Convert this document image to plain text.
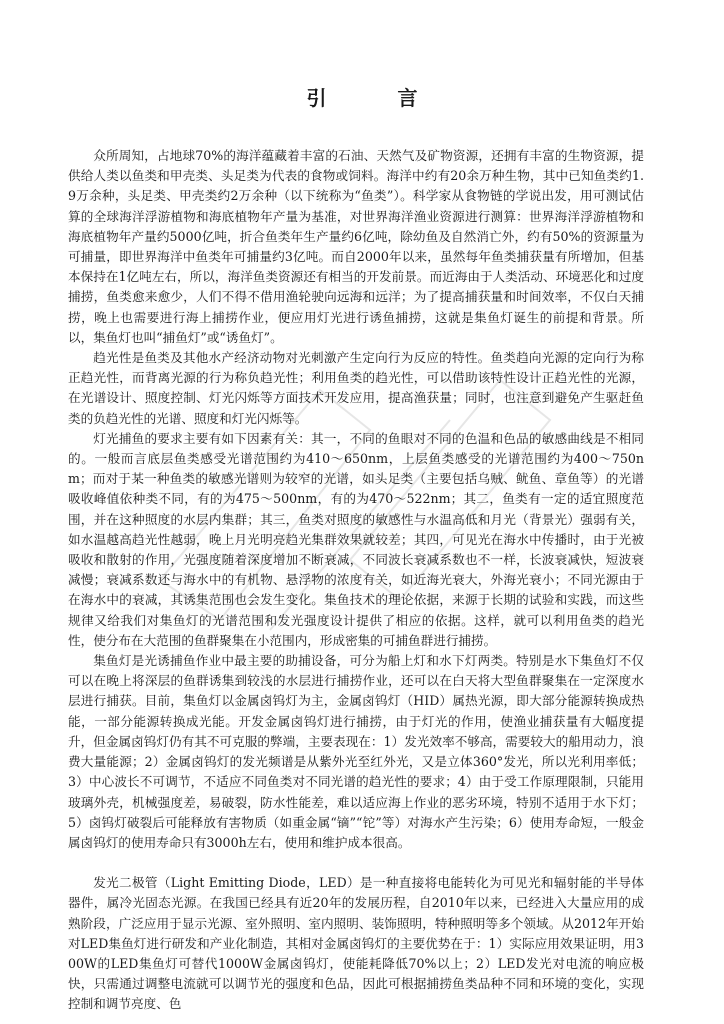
引 言

众所周知，占地球70%的海洋蕴藏着丰富的石油、天然气及矿物资源，还拥有丰富的生物资源，提供给人类以鱼类和甲壳类、头足类为代表的食物或饲料。海洋中约有20余万种生物，其中已知鱼类约1.9万余种，头足类、甲壳类约2万余种（以下统称为“鱼类”）。科学家从食物链的学说出发，用可测试估算的全球海洋浮游植物和海底植物年产量为基准，对世界海洋渔业资源进行测算：世界海洋浮游植物和海底植物年产量约5000亿吨，折合鱼类年生产量约6亿吨，除幼鱼及自然消亡外，约有50%的资源量为可捕量，即世界海洋中鱼类年可捕量约3亿吨。而自2000年以来，虽然每年鱼类捕获量有所增加，但基本保持在1亿吨左右，所以，海洋鱼类资源还有相当的开发前景。而近海由于人类活动、环境恶化和过度捕捞，鱼类愈来愈少，人们不得不借用渔轮驶向远海和远洋；为了提高捕获量和时间效率，不仅白天捕捞，晚上也需要进行海上捕捞作业，便应用灯光进行诱鱼捕捞，这就是集鱼灯诞生的前提和背景。所以，集鱼灯也叫“捕鱼灯”或“诱鱼灯”。

趋光性是鱼类及其他水产经济动物对光刺激产生定向行为反应的特性。鱼类趋向光源的定向行为称正趋光性，而背离光源的行为称负趋光性；利用鱼类的趋光性，可以借助该特性设计正趋光性的光源，在光谱设计、照度控制、灯光闪烁等方面技术开发应用，提高渔获量；同时，也注意到避免产生驱赶鱼类的负趋光性的光谱、照度和灯光闪烁等。

灯光捕鱼的要求主要有如下因素有关：其一，不同的鱼眼对不同的色温和色品的敏感曲线是不相同的。一般而言底层鱼类感受光谱范围约为410～650nm，上层鱼类感受的光谱范围约为400～750nm；而对于某一种鱼类的敏感光谱则为较窄的光谱，如头足类（主要包括乌贼、鱿鱼、章鱼等）的光谱吸收峰值依种类不同，有的为475～500nm，有的为470～522nm；其二，鱼类有一定的适宜照度范围，并在这种照度的水层内集群；其三，鱼类对照度的敏感性与水温高低和月光（背景光）强弱有关，如水温越高趋光性越弱，晚上月光明亮趋光集群效果就较差；其四，可见光在海水中传播时，由于光被吸收和散射的作用，光强度随着深度增加不断衰减，不同波长衰减系数也不一样，长波衰减快，短波衰减慢；衰减系数还与海水中的有机物、悬浮物的浓度有关，如近海光衰大，外海光衰小；不同光源由于在海水中的衰减，其诱集范围也会发生变化。集鱼技术的理论依据，来源于长期的试验和实践，而这些规律又给我们对集鱼灯的光谱范围和发光强度设计提供了相应的依据。这样，就可以利用鱼类的趋光性，使分布在大范围的鱼群聚集在小范围内，形成密集的可捕鱼群进行捕捞。

集鱼灯是光诱捕鱼作业中最主要的助捕设备，可分为船上灯和水下灯两类。特别是水下集鱼灯不仅可以在晚上将深层的鱼群诱集到较浅的水层进行捕捞作业，还可以在白天将大型鱼群聚集在一定深度水层进行捕获。目前，集鱼灯以金属卤钨灯为主，金属卤钨灯（HID）属热光源，即大部分能源转换成热能，一部分能源转换成光能。开发金属卤钨灯进行捕捞，由于灯光的作用，使渔业捕获量有大幅度提升，但金属卤钨灯仍有其不可克服的弊端，主要表现在：1）发光效率不够高，需要较大的船用动力，浪费大量能源；2）金属卤钨灯的发光频谱是从紫外光至红外光，又是立体360°发光，所以光利用率低；3）中心波长不可调节，不适应不同鱼类对不同光谱的趋光性的要求；4）由于受工作原理限制，只能用玻璃外壳，机械强度差，易破裂，防水性能差，难以适应海上作业的恶劣环境，特别不适用于水下灯；5）卤钨灯破裂后可能释放有害物质（如重金属“镝”“铊”等）对海水产生污染；6）使用寿命短，一般金属卤钨灯的使用寿命只有3000h左右，使用和维护成本很高。

发光二极管（Light Emitting Diode，LED）是一种直接将电能转化为可见光和辐射能的半导体器件，属冷光固态光源。在我国已经具有近20年的发展历程，自2010年以来，已经进入大量应用的成熟阶段，广泛应用于显示光源、室外照明、室内照明、装饰照明，特种照明等多个领域。从2012年开始对LED集鱼灯进行研发和产业化制造，其相对金属卤钨灯的主要优势在于：1）实际应用效果证明，用300W的LED集鱼灯可替代1000W金属卤钨灯，使能耗降低70%以上；2）LED发光对电流的响应极快，只需通过调整电流就可以调节光的强度和色品，因此可根据捕捞鱼类品种不同和环境的变化，实现控制和调节亮度、色
